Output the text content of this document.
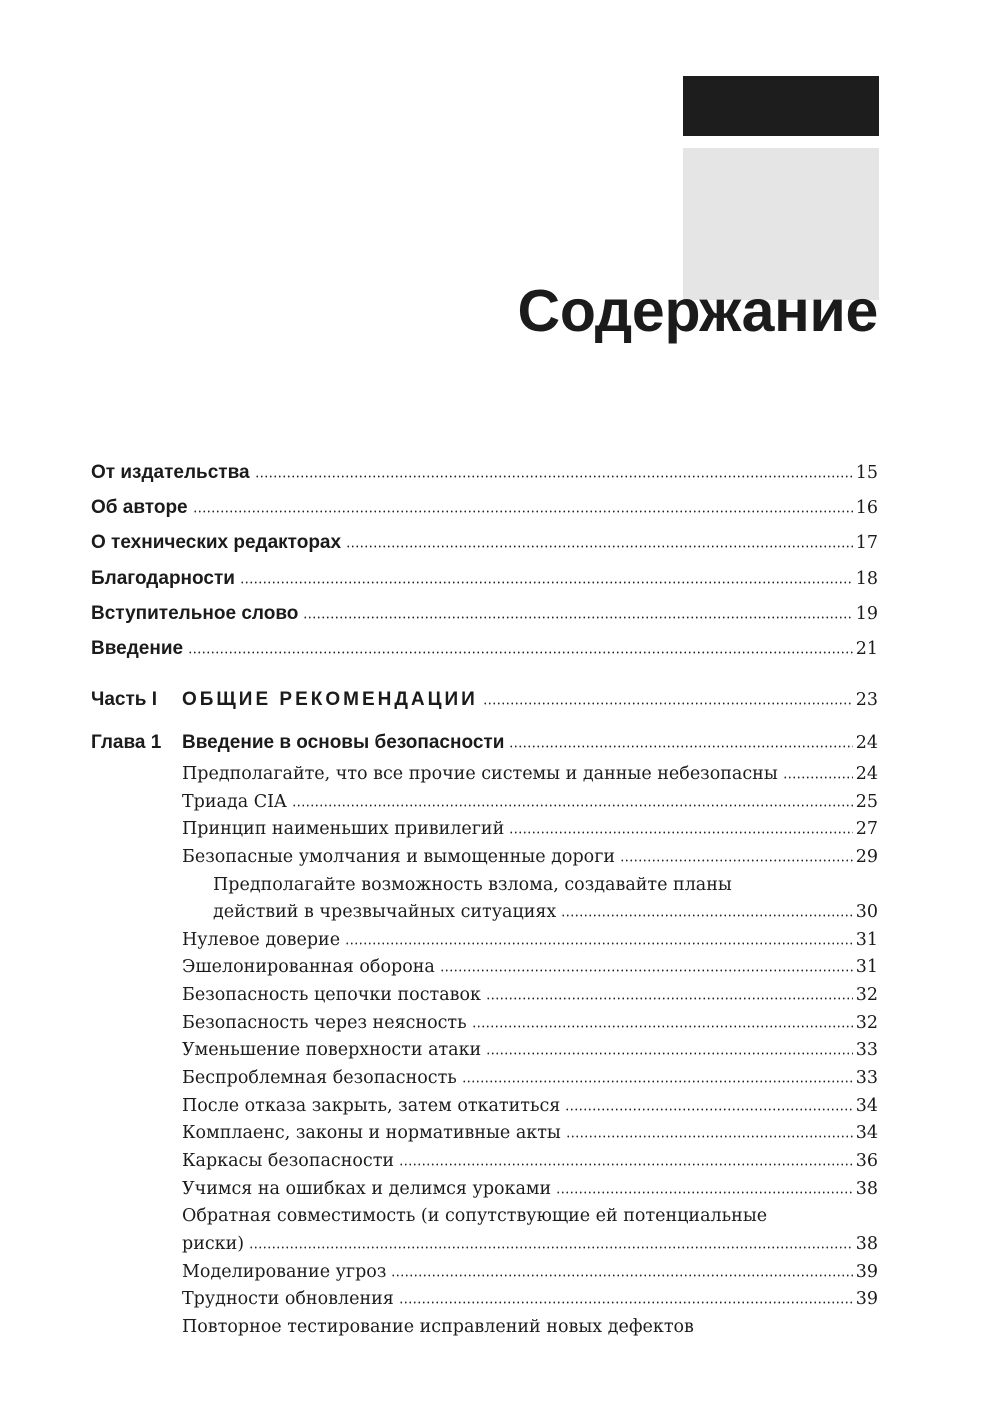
Содержание
От издательства	15
Об авторе	16
О технических редакторах	17
Благодарности	18
Вступительное слово	19
Введение	21
Часть I	ОБЩИЕ РЕКОМЕНДАЦИИ	23
Глава 1	Введение в основы безопасности	24
Предполагайте, что все прочие системы и данные небезопасны	24
Триада CIA	25
Принцип наименьших привилегий	27
Безопасные умолчания и вымощенные дороги	29
Предполагайте возможность взлома, создавайте планы
действий в чрезвычайных ситуациях	30
Нулевое доверие	31
Эшелонированная оборона	31
Безопасность цепочки поставок	32
Безопасность через неясность	32
Уменьшение поверхности атаки	33
Беспроблемная безопасность	33
После отказа закрыть, затем откатиться	34
Комплаенс, законы и нормативные акты	34
Каркасы безопасности	36
Учимся на ошибках и делимся уроками	38
Обратная совместимость (и сопутствующие ей потенциальные
риски)	38
Моделирование угроз	39
Трудности обновления	39
Повторное тестирование исправлений новых дефектов
